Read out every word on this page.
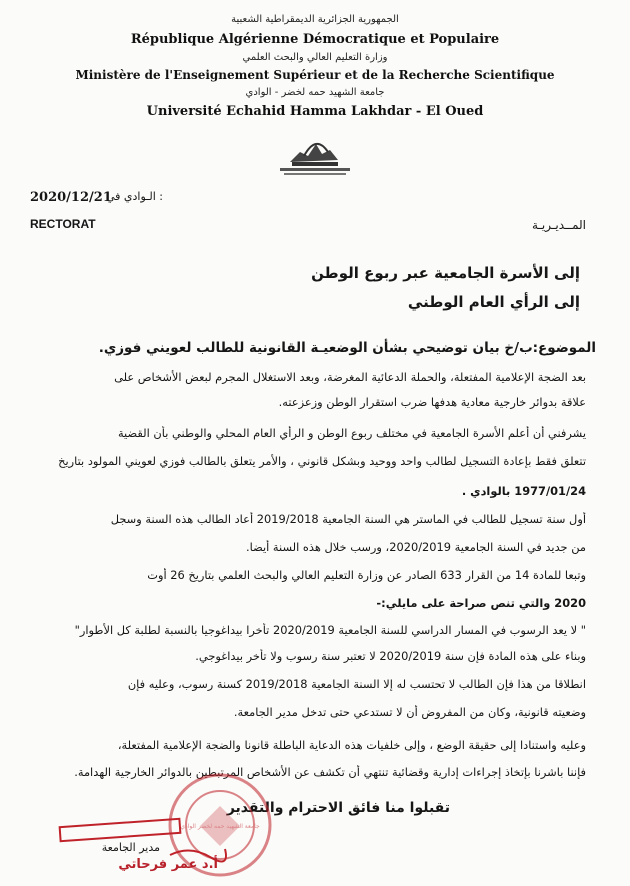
الجمهورية الجزائرية الديمقراطية الشعبية
République Algérienne Démocratique et Populaire
وزارة التعليم العالي والبحث العلمي
Ministère de l'Enseignement Supérieur et de la Recherche Scientifique
جامعة الشهيد حمه لخضر - الوادي
Université Echahid Hamma Lakhdar - El Oued
2020/12/21
: الـوادي في
RECTORAT	المــديـريـة
إلى الأسرة الجامعية عبر ربوع الوطن
إلى الرأي العام الوطني
الموضوع:ب/خ بيان توضيحي بشأن الوضعيـة القانونية للطالب لعويني فوزي.
بعد الضجة الإعلامية المفتعلة، والحملة الدعائية المغرضة، وبعد الاستغلال المجرم لبعض الأشخاص على
علاقة بدوائر خارجية معادية هدفها ضرب استقرار الوطن وزعزعته.
يشرفني أن أعلم الأسرة الجامعية في مختلف ربوع الوطن و الرأي العام المحلي والوطني بأن القضية
تتعلق فقط بإعادة التسجيل لطالب واحد ووحيد وبشكل قانوني ، والأمر يتعلق بالطالب فوزي لعويني المولود بتاريخ
1977/01/24 بالوادي .
أول سنة تسجيل للطالب في الماستر هي السنة الجامعية 2019/2018 أعاد الطالب هذه السنة وسجل
من جديد في السنة الجامعية 2020/2019، ورسب خلال هذه السنة أيضا.
وتبعا للمادة 14 من القرار 633 الصادر عن وزارة التعليم العالي والبحث العلمي بتاريخ 26 أوت
2020 والتي تنص صراحة على مايلي:-
" لا يعد الرسوب في المسار الدراسي للسنة الجامعية 2020/2019 تأخرا بيداغوجيا بالنسبة لطلبة كل الأطوار"
وبناء على هذه المادة فإن سنة 2020/2019 لا تعتبر سنة رسوب ولا تأخر بيداغوجي.
انطلاقا من هذا فإن الطالب لا تحتسب له إلا السنة الجامعية 2019/2018 كسنة رسوب، وعليه فإن
وضعيته قانونية، وكان من المفروض أن لا تستدعي حتى تدخل مدير الجامعة.
وعليه واستنادا إلى حقيقة الوضع ، وإلى خلفيات هذه الدعاية الباطلة قانونا والضجة الإعلامية المفتعلة،
فإننا باشرنا بإتخاذ إجراءات إدارية وقضائية تنتهي أن تكشف عن الأشخاص المرتبطين بالدوائر الخارجية الهدامة.
تقبلوا منا فائق الاحترام والتقدير
جامعة الشهيد حمه لخضر الوادي
مدير الجامعة
أ.د عمر فرحاتي
